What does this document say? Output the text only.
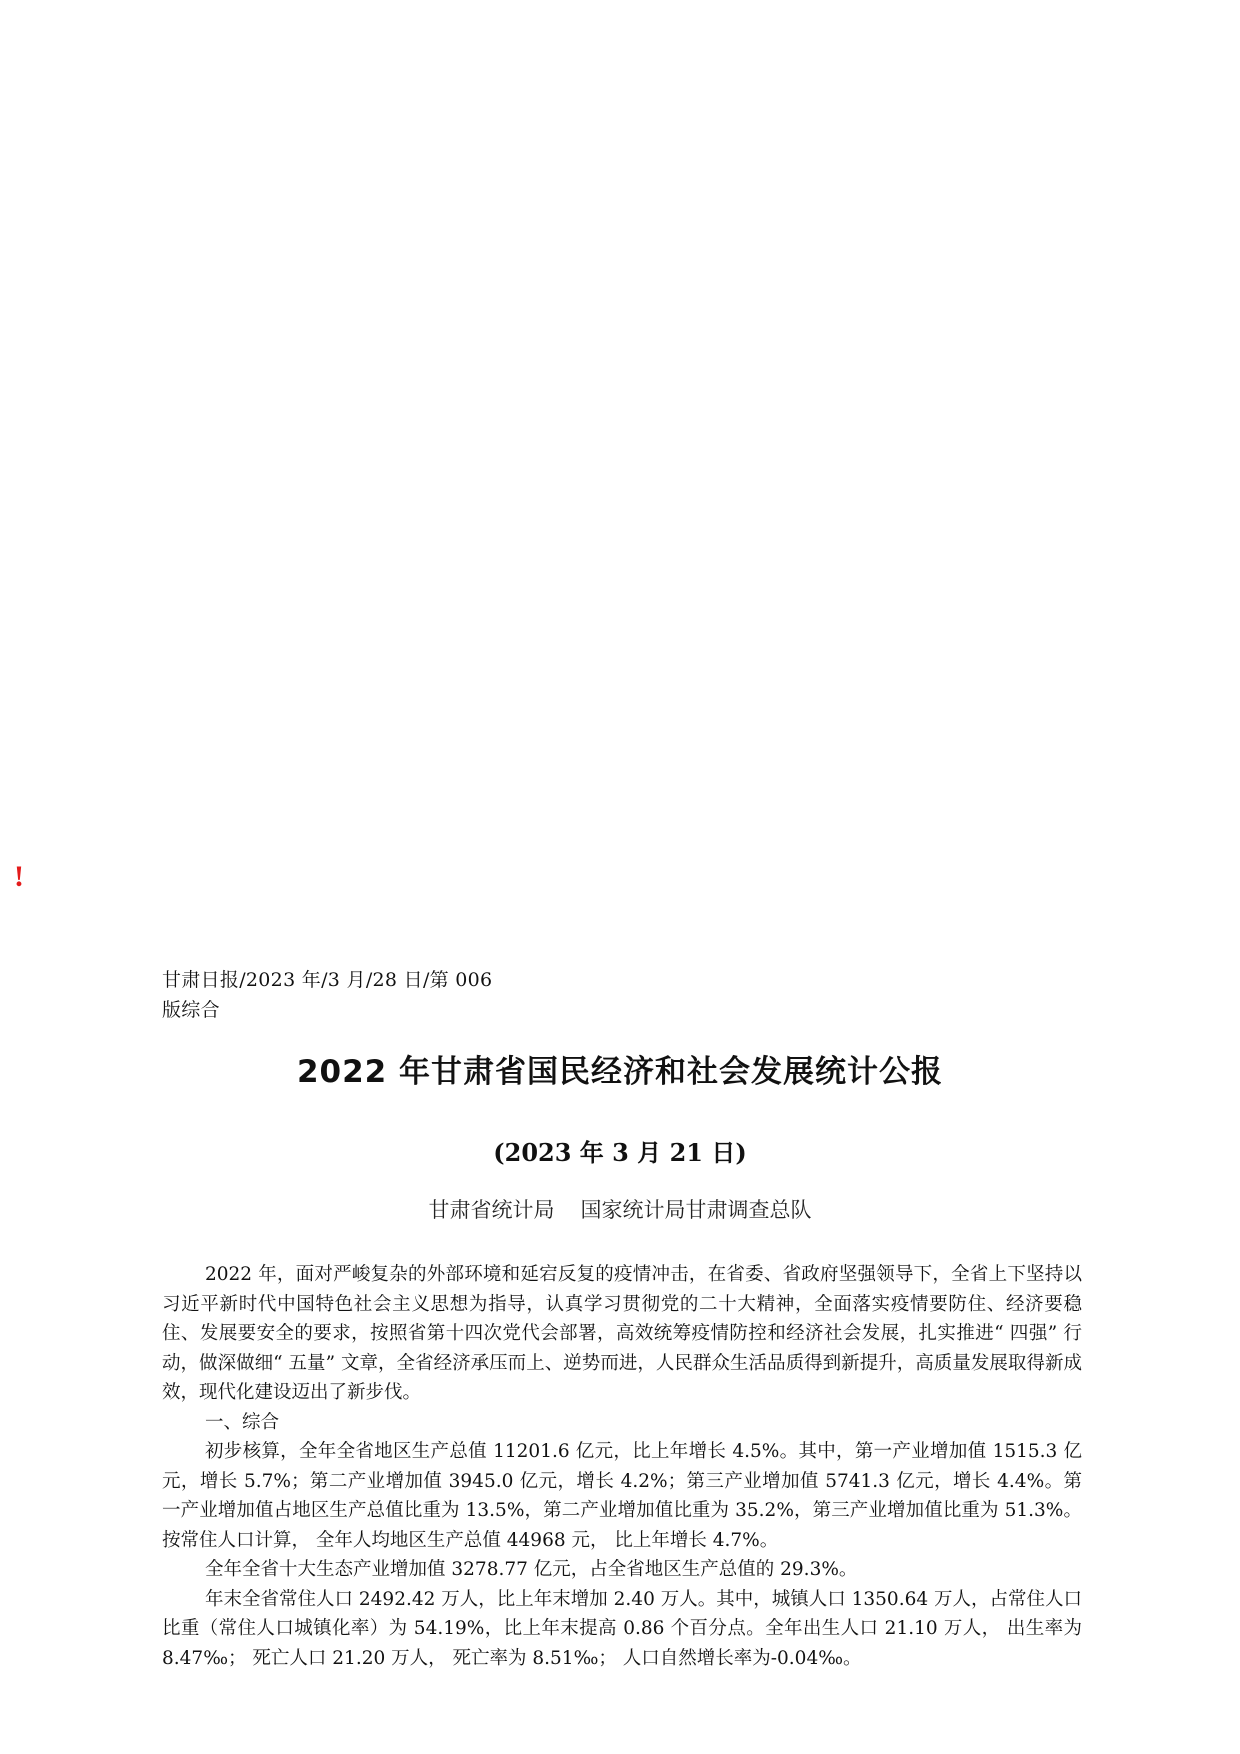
!
甘肃日报/2023 年/3 月/28 日/第 006 版综合
2022 年甘肃省国民经济和社会发展统计公报
(2023 年 3 月 21 日)
甘肃省统计局 国家统计局甘肃调查总队

2022 年，面对严峻复杂的外部环境和延宕反复的疫情冲击，在省委、省政府坚强领导下，全省上下坚持以习近平新时代中国特色社会主义思想为指导，认真学习贯彻党的二十大精神，全面落实疫情要防住、经济要稳住、发展要安全的要求，按照省第十四次党代会部署，高效统筹疫情防控和经济社会发展，扎实推进“ 四强” 行动，做深做细“ 五量” 文章，全省经济承压而上、逆势而进，人民群众生活品质得到新提升，高质量发展取得新成效，现代化建设迈出了新步伐。

一、综合

初步核算，全年全省地区生产总值 11201.6 亿元，比上年增长 4.5%。其中，第一产业增加值 1515.3 亿元，增长 5.7%；第二产业增加值 3945.0 亿元，增长 4.2%；第三产业增加值 5741.3 亿元，增长 4.4%。第一产业增加值占地区生产总值比重为 13.5%，第二产业增加值比重为 35.2%，第三产业增加值比重为 51.3%。 按常住人口计算， 全年人均地区生产总值 44968 元， 比上年增长 4.7%。

全年全省十大生态产业增加值 3278.77 亿元，占全省地区生产总值的 29.3%。

年末全省常住人口 2492.42 万人，比上年末增加 2.40 万人。其中，城镇人口 1350.64 万人，占常住人口比重（常住人口城镇化率）为 54.19%，比上年末提高 0.86 个百分点。全年出生人口 21.10 万人， 出生率为 8.47‰； 死亡人口 21.20 万人， 死亡率为 8.51‰； 人口自然增长率为-0.04‰。
